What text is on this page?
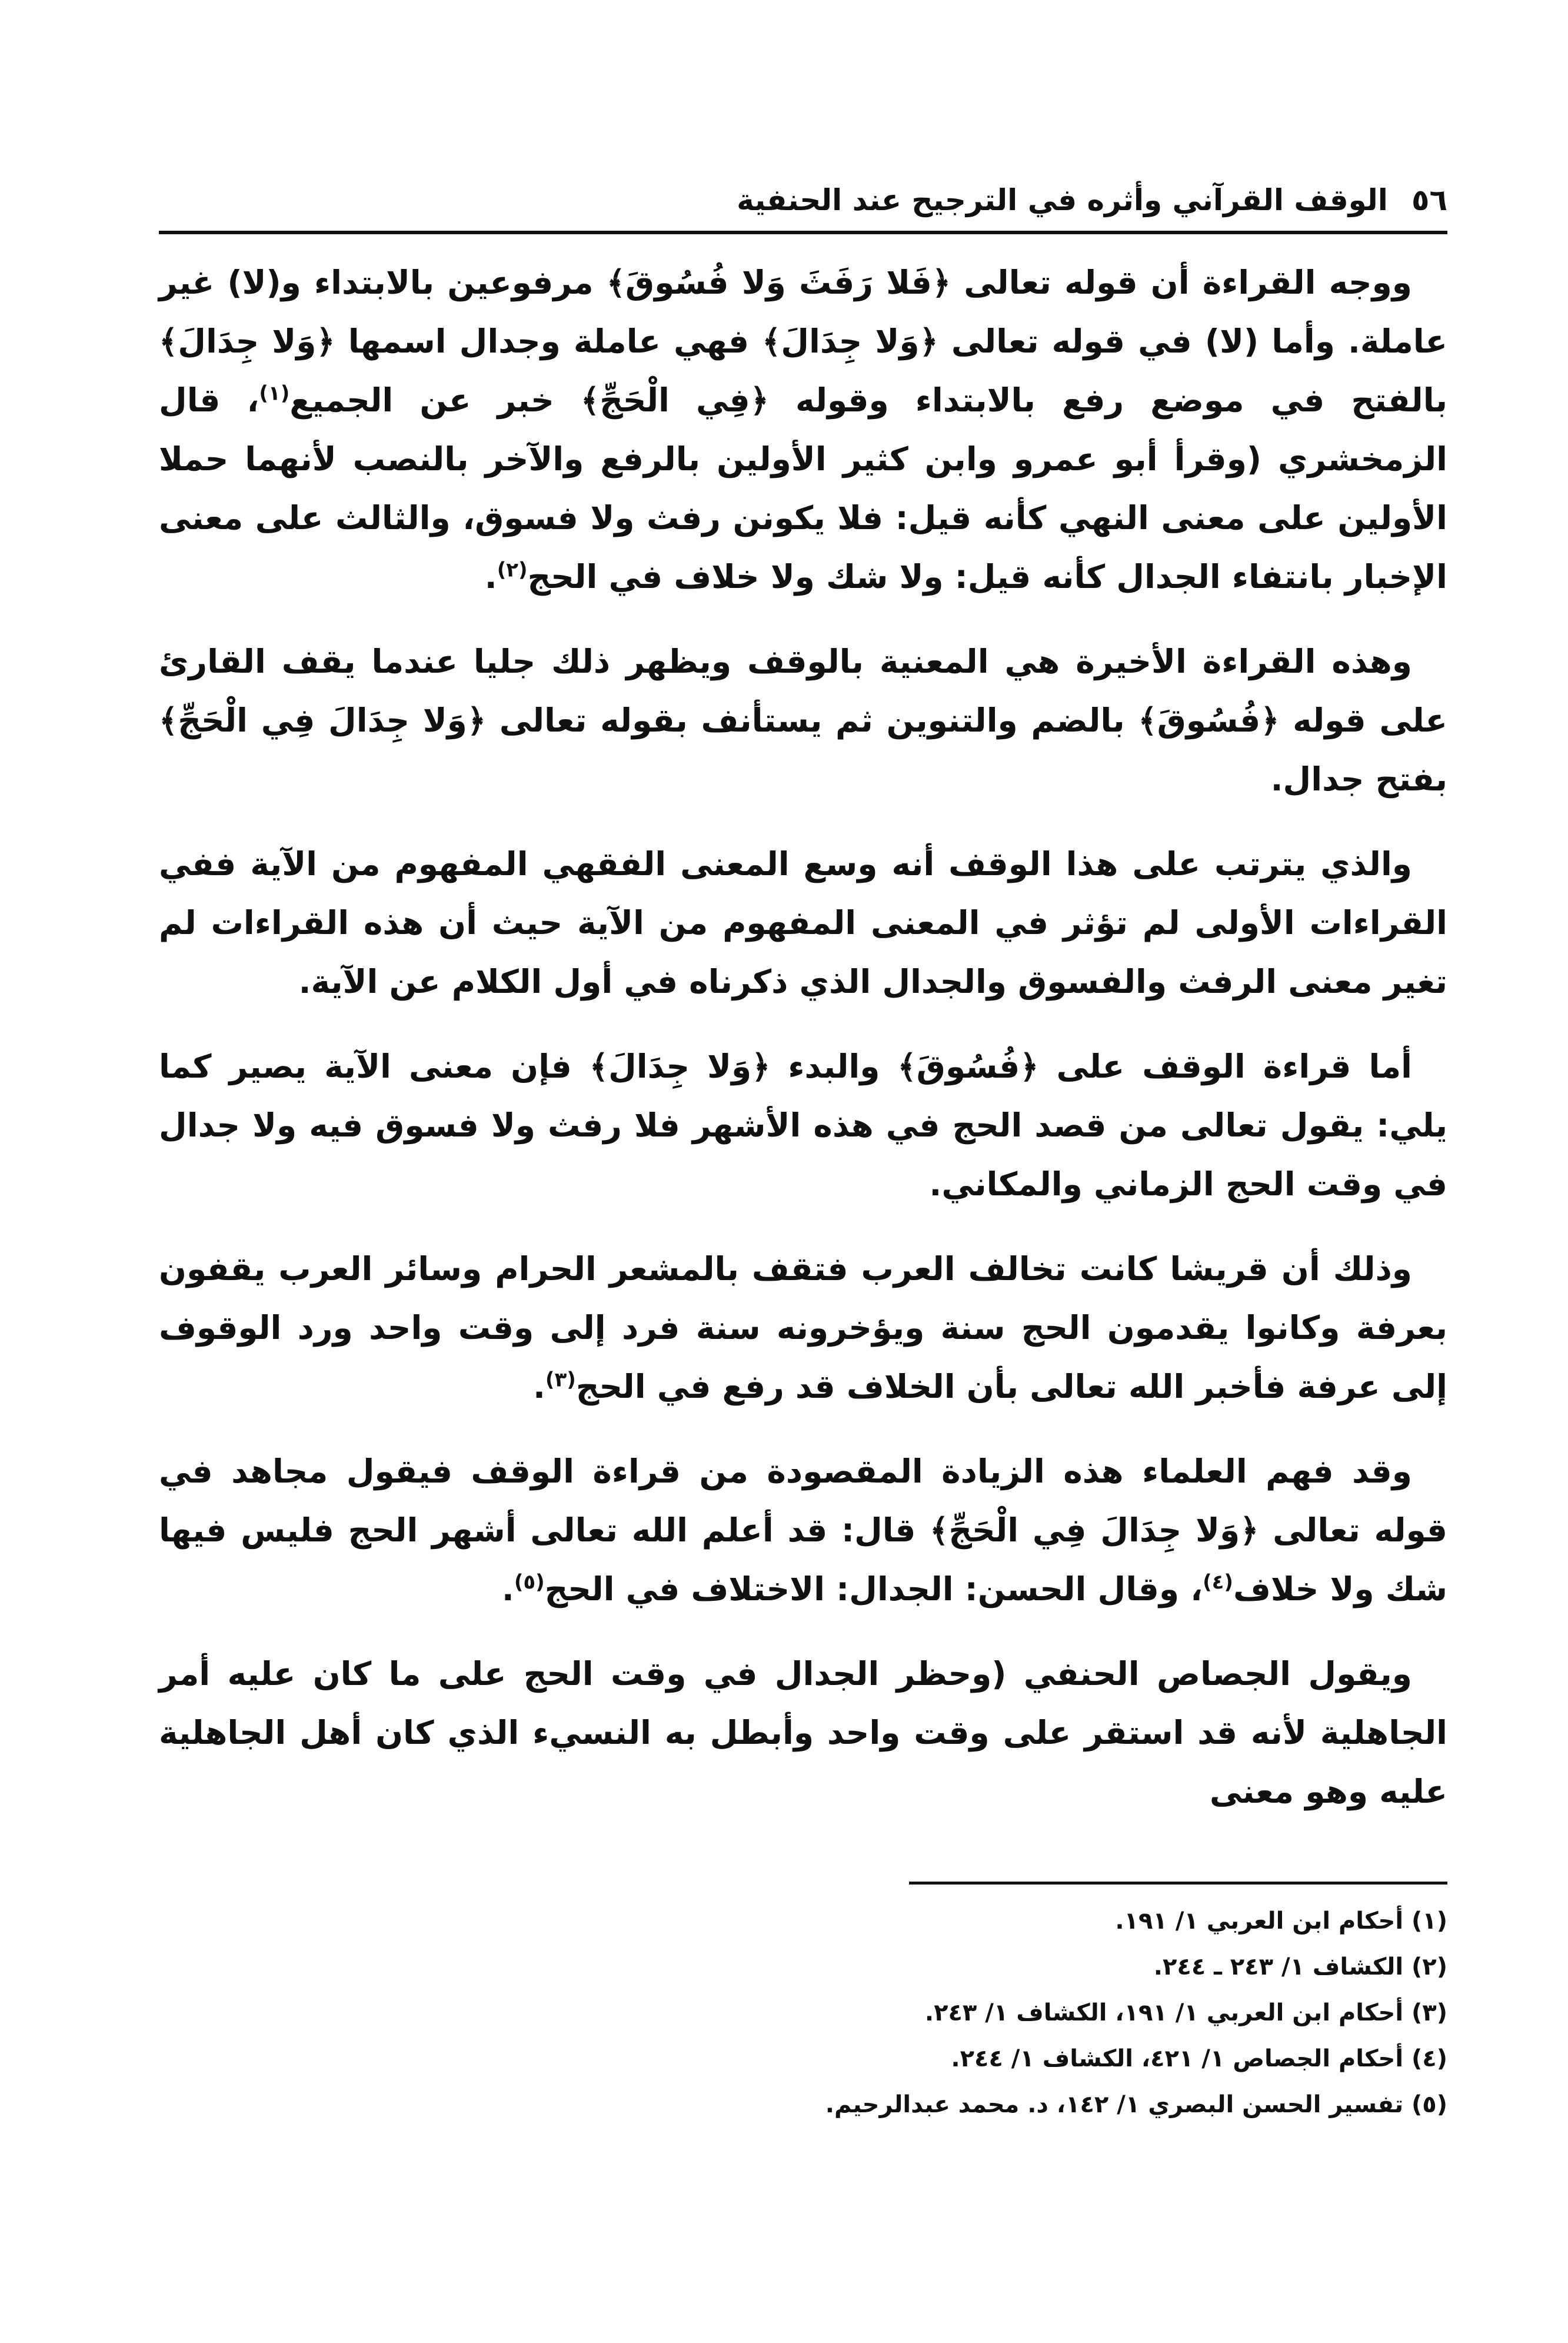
٥٦
الوقف القرآني وأثره في الترجيح عند الحنفية

ووجه القراءة أن قوله تعالى ﴿فَلا رَفَثَ وَلا فُسُوقَ﴾ مرفوعين بالابتداء و(لا) غير عاملة. وأما (لا) في قوله تعالى ﴿وَلا جِدَالَ﴾ فهي عاملة وجدال اسمها ﴿وَلا جِدَالَ﴾ بالفتح في موضع رفع بالابتداء وقوله ﴿فِي الْحَجِّ﴾ خبر عن الجميع$^{(١)}$، قال الزمخشري (وقرأ أبو عمرو وابن كثير الأولين بالرفع والآخر بالنصب لأنهما حملا الأولين على معنى النهي كأنه قيل: فلا يكونن رفث ولا فسوق، والثالث على معنى الإخبار بانتفاء الجدال كأنه قيل: ولا شك ولا خلاف في الحج$^{(٢)}$.

وهذه القراءة الأخيرة هي المعنية بالوقف ويظهر ذلك جليا عندما يقف القارئ على قوله ﴿فُسُوقَ﴾ بالضم والتنوين ثم يستأنف بقوله تعالى ﴿وَلا جِدَالَ فِي الْحَجِّ﴾ بفتح جدال.

والذي يترتب على هذا الوقف أنه وسع المعنى الفقهي المفهوم من الآية ففي القراءات الأولى لم تؤثر في المعنى المفهوم من الآية حيث أن هذه القراءات لم تغير معنى الرفث والفسوق والجدال الذي ذكرناه في أول الكلام عن الآية.

أما قراءة الوقف على ﴿فُسُوقَ﴾ والبدء ﴿وَلا جِدَالَ﴾ فإن معنى الآية يصير كما يلي: يقول تعالى من قصد الحج في هذه الأشهر فلا رفث ولا فسوق فيه ولا جدال في وقت الحج الزماني والمكاني.

وذلك أن قريشا كانت تخالف العرب فتقف بالمشعر الحرام وسائر العرب يقفون بعرفة وكانوا يقدمون الحج سنة ويؤخرونه سنة فرد إلى وقت واحد ورد الوقوف إلى عرفة فأخبر الله تعالى بأن الخلاف قد رفع في الحج$^{(٣)}$.

وقد فهم العلماء هذه الزيادة المقصودة من قراءة الوقف فيقول مجاهد في قوله تعالى ﴿وَلا جِدَالَ فِي الْحَجِّ﴾ قال: قد أعلم الله تعالى أشهر الحج فليس فيها شك ولا خلاف$^{(٤)}$، وقال الحسن: الجدال: الاختلاف في الحج$^{(٥)}$.

ويقول الجصاص الحنفي (وحظر الجدال في وقت الحج على ما كان عليه أمر الجاهلية لأنه قد استقر على وقت واحد وأبطل به النسيء الذي كان أهل الجاهلية عليه وهو معنى

(١) أحكام ابن العربي ١/ ١٩١.
(٢) الكشاف ١/ ٢٤٣ ـ ٢٤٤.
(٣) أحكام ابن العربي ١/ ١٩١، الكشاف ١/ ٢٤٣.
(٤) أحكام الجصاص ١/ ٤٢١، الكشاف ١/ ٢٤٤.
(٥) تفسير الحسن البصري ١/ ١٤٢، د. محمد عبدالرحيم.
